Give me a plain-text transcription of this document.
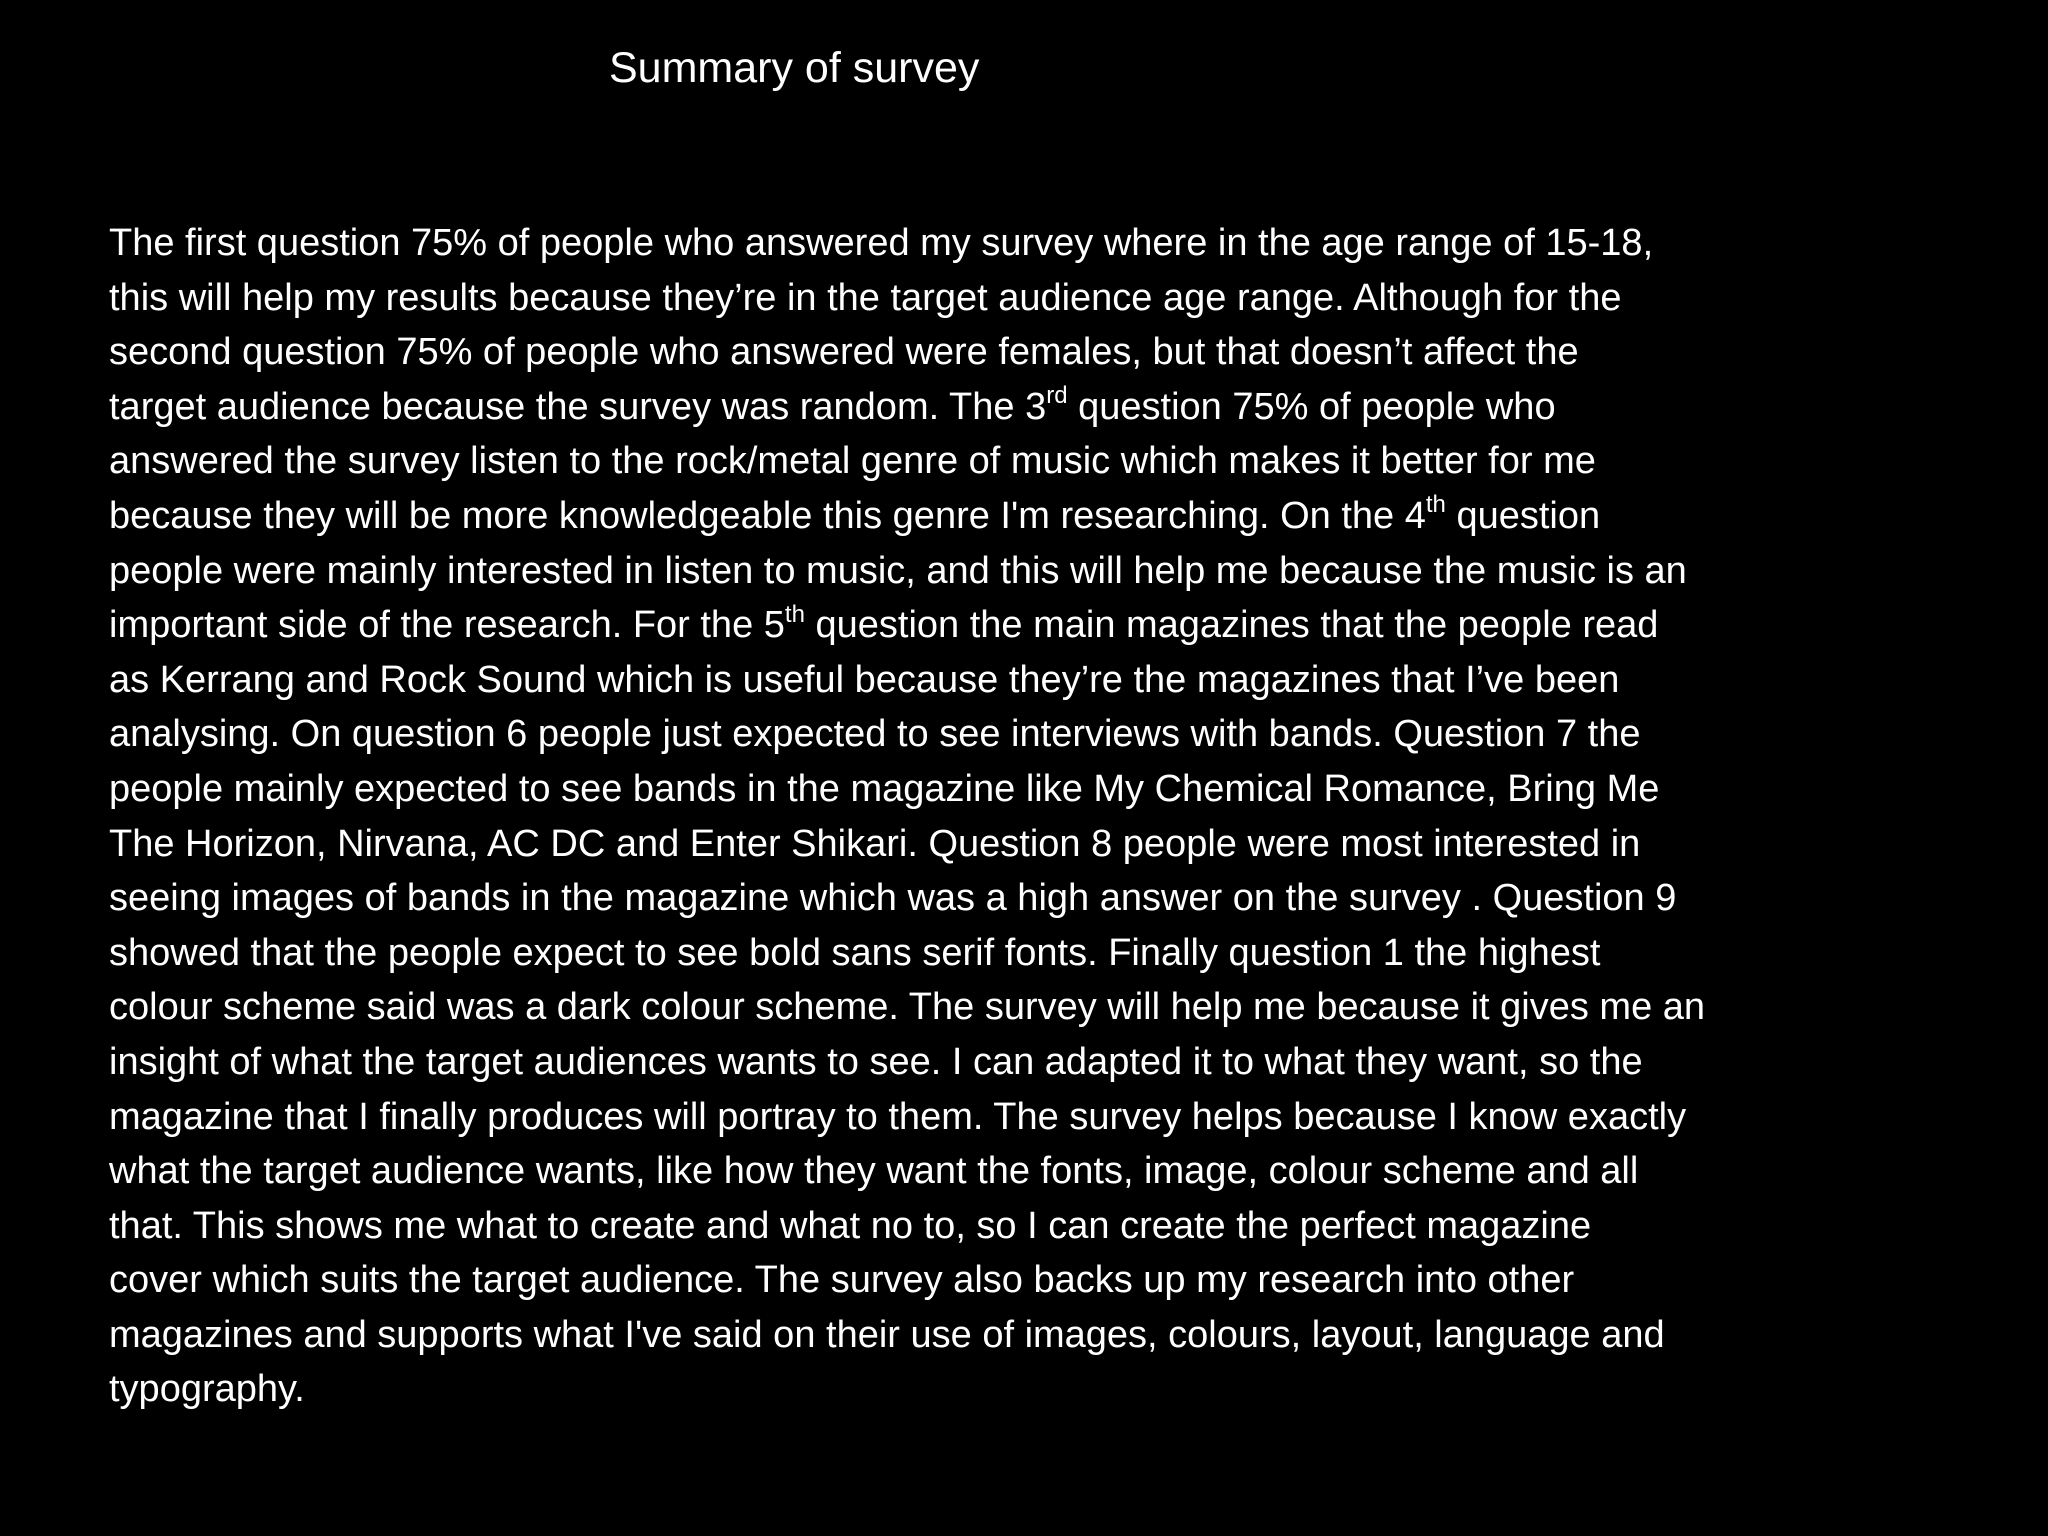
Summary of survey
The first question 75% of people who answered my survey where in the age range of 15-18,
this will help my results because they’re in the target audience age range. Although for the
second question 75% of people who answered were females, but that doesn’t affect the
target audience because the survey was random. The 3rd question 75% of people who
answered the survey listen to the rock/metal genre of music which makes it better for me
because they will be more knowledgeable this genre I'm researching. On the 4th question
people were mainly interested in listen to music, and this will help me because the music is an
important side of the research. For the 5th question the main magazines that the people read
as Kerrang and Rock Sound which is useful because they’re the magazines that I’ve been
analysing. On question 6 people just expected to see interviews with bands. Question 7 the
people mainly expected to see bands in the magazine like My Chemical Romance, Bring Me
The Horizon, Nirvana, AC DC and Enter Shikari. Question 8 people were most interested in
seeing images of bands in the magazine which was a high answer on the survey . Question 9
showed that the people expect to see bold sans serif fonts. Finally question 1 the highest
colour scheme said was a dark colour scheme. The survey will help me because it gives me an
insight of what the target audiences wants to see. I can adapted it to what they want, so the
magazine that I finally produces will portray to them. The survey helps because I know exactly
what the target audience wants, like how they want the fonts, image, colour scheme and all
that. This shows me what to create and what no to, so I can create the perfect magazine
cover which suits the target audience. The survey also backs up my research into other
magazines and supports what I've said on their use of images, colours, layout, language and
typography.
